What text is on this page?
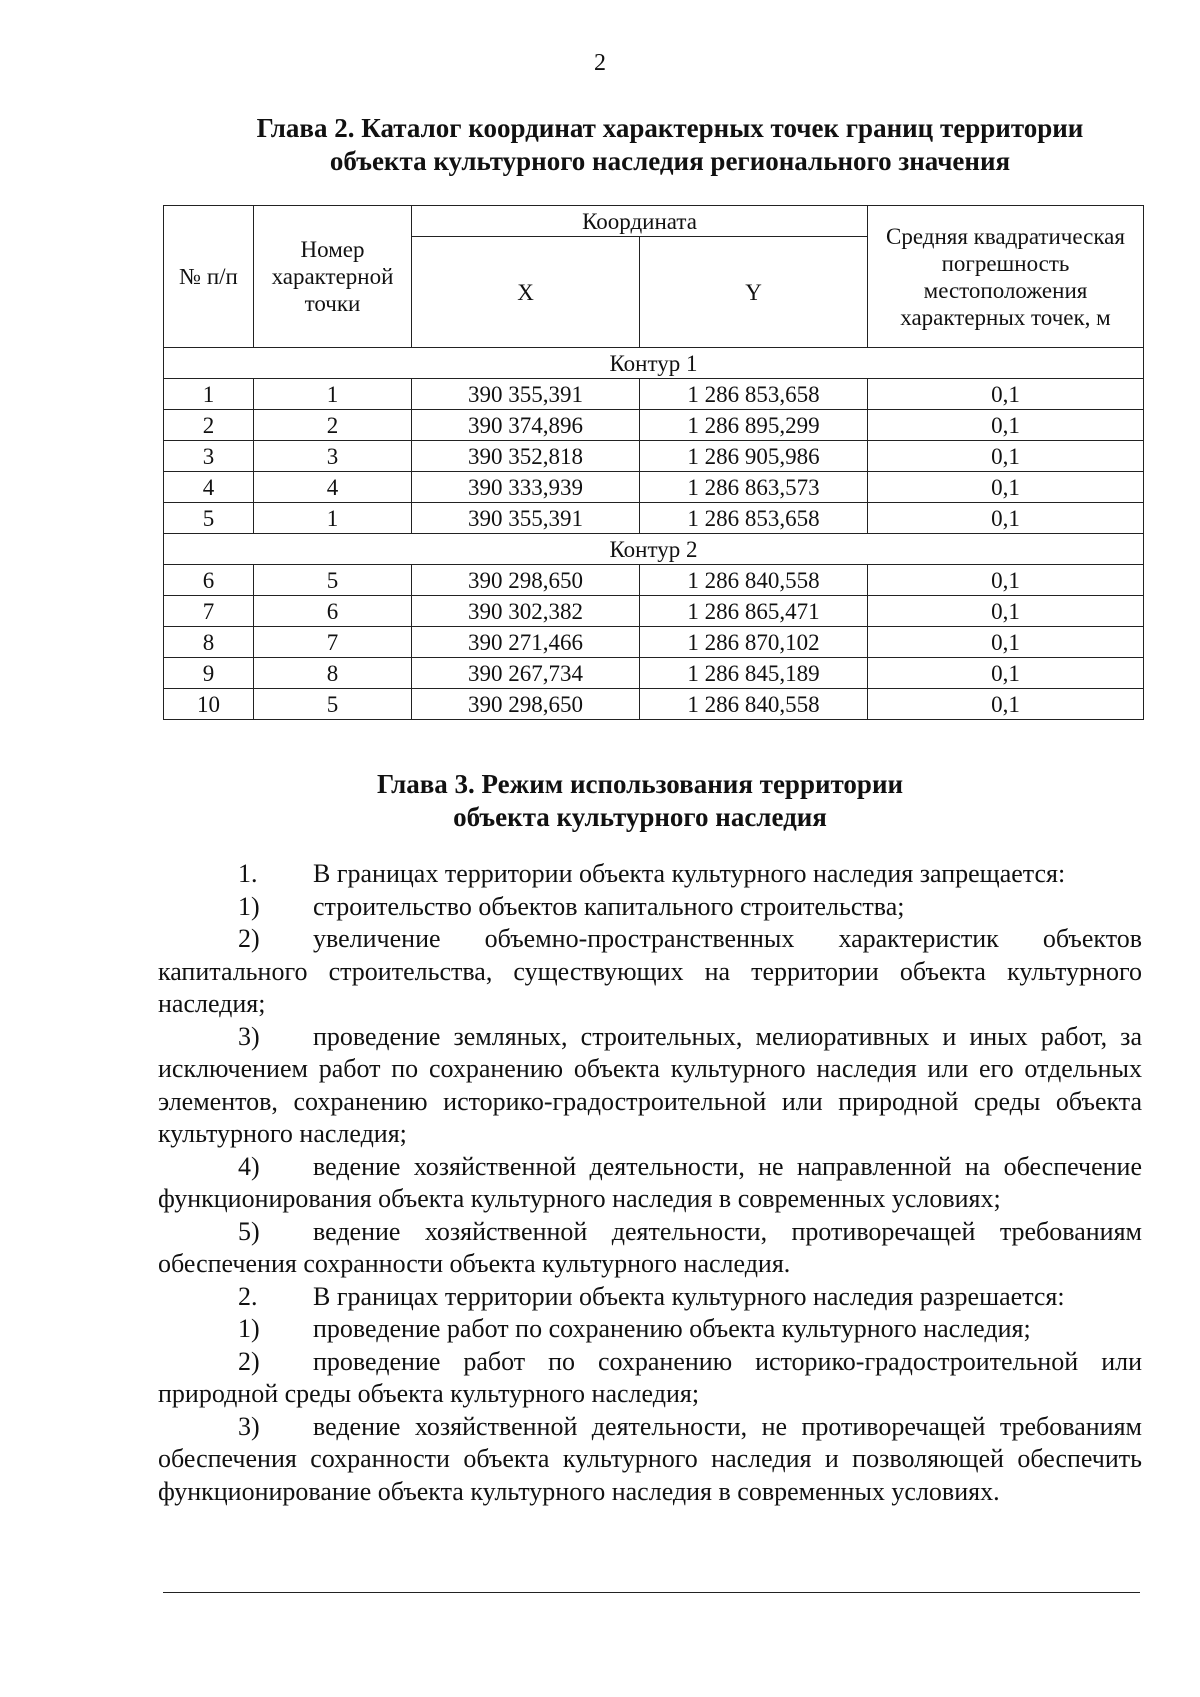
2
Глава 2. Каталог координат характерных точек границ территории
объекта культурного наследия регионального значения
№ п/п	Номер характерной точки	Координата		Средняя квадратическая погрешность местоположения характерных точек, м
		X	Y	
Контур 1				
1	1	390 355,391	1 286 853,658	0,1
2	2	390 374,896	1 286 895,299	0,1
3	3	390 352,818	1 286 905,986	0,1
4	4	390 333,939	1 286 863,573	0,1
5	1	390 355,391	1 286 853,658	0,1
Контур 2				
6	5	390 298,650	1 286 840,558	0,1
7	6	390 302,382	1 286 865,471	0,1
8	7	390 271,466	1 286 870,102	0,1
9	8	390 267,734	1 286 845,189	0,1
10	5	390 298,650	1 286 840,558	0,1
Глава 3. Режим использования территории
объекта культурного наследия

1. В границах территории объекта культурного наследия запрещается:

1) строительство объектов капитального строительства;

2) увеличение объемно-пространственных характеристик объектов капитального строительства, существующих на территории объекта культурного наследия;

3) проведение земляных, строительных, мелиоративных и иных работ, за исключением работ по сохранению объекта культурного наследия или его отдельных элементов, сохранению историко-градостроительной или природной среды объекта культурного наследия;

4) ведение хозяйственной деятельности, не направленной на обеспечение функционирования объекта культурного наследия в современных условиях;

5) ведение хозяйственной деятельности, противоречащей требованиям обеспечения сохранности объекта культурного наследия.

2. В границах территории объекта культурного наследия разрешается:

1) проведение работ по сохранению объекта культурного наследия;

2) проведение работ по сохранению историко-градостроительной или природной среды объекта культурного наследия;

3) ведение хозяйственной деятельности, не противоречащей требованиям обеспечения сохранности объекта культурного наследия и позволяющей обеспечить функционирование объекта культурного наследия в современных условиях.
